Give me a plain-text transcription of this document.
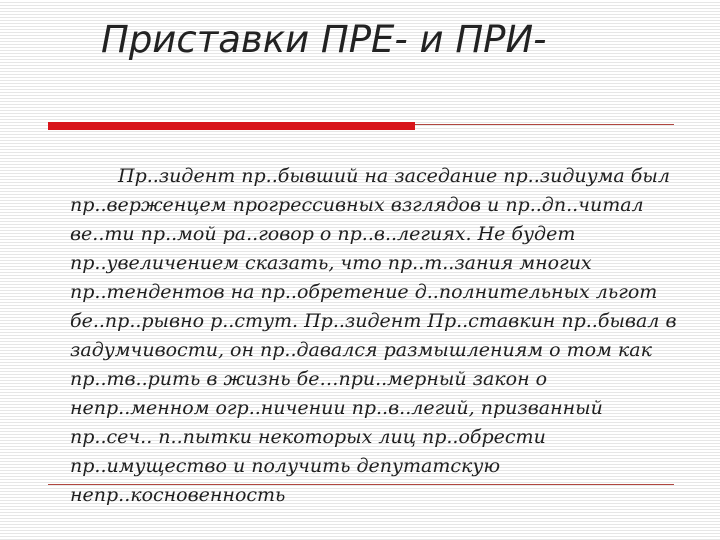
Приставки ПРЕ- и ПРИ-
Пр..зидент пр..бывший на заседание пр..зидиума был
пр..верженцем прогрессивных взглядов и пр..дп..читал
ве..ти пр..мой ра..говор о пр..в..легиях. Не будет
пр..увеличением сказать, что пр..т..зания многих
пр..тендентов на пр..обретение д..полнительных льгот
бе..пр..рывно р..стут. Пр..зидент Пр..ставкин пр..бывал в
задумчивости, он пр..давался размышлениям о том как
пр..тв..рить в жизнь бе…при..мерный закон о
непр..менном огр..ничении пр..в..легий, призванный
пр..сеч.. п..пытки некоторых лиц пр..обрести
пр..имущество и получить депутатскую
непр..косновенность
